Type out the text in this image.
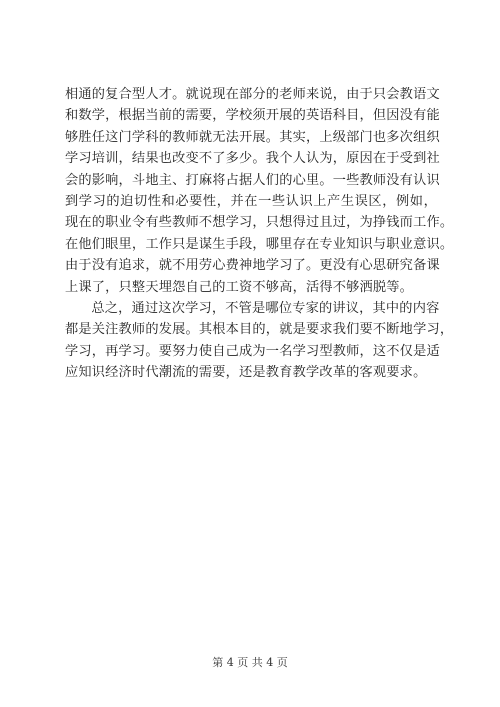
相通的复合型人才。就说现在部分的老师来说，由于只会教语文
和数学，根据当前的需要，学校须开展的英语科目，但因没有能
够胜任这门学科的教师就无法开展。其实，上级部门也多次组织
学习培训，结果也改变不了多少。我个人认为，原因在于受到社
会的影响，斗地主、打麻将占据人们的心里。一些教师没有认识
到学习的迫切性和必要性，并在一些认识上产生误区，例如，
现在的职业令有些教师不想学习，只想得过且过，为挣钱而工作。
在他们眼里，工作只是谋生手段，哪里存在专业知识与职业意识。
由于没有追求，就不用劳心费神地学习了。更没有心思研究备课
上课了，只整天埋怨自己的工资不够高，活得不够洒脱等。

总之，通过这次学习，不管是哪位专家的讲议，其中的内容
都是关注教师的发展。其根本目的，就是要求我们要不断地学习，
学习，再学习。要努力使自己成为一名学习型教师，这不仅是适
应知识经济时代潮流的需要，还是教育教学改革的客观要求。

第 4 页 共 4 页
